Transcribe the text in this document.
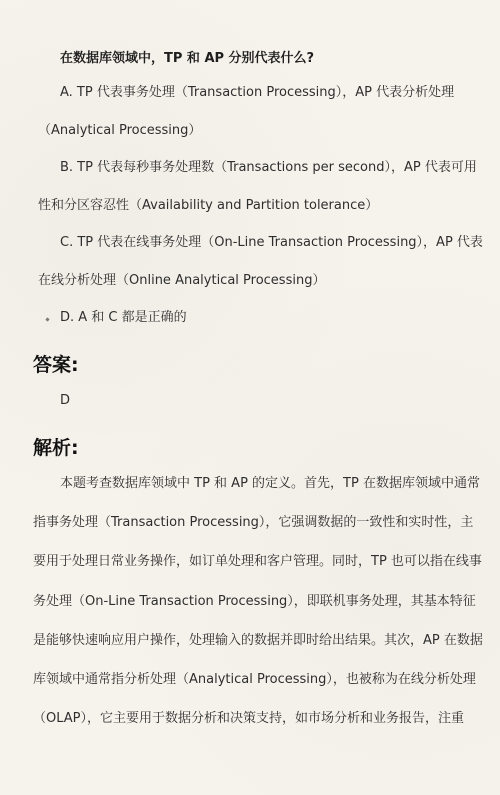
在数据库领域中，TP 和 AP 分别代表什么?
A. TP 代表事务处理（Transaction Processing），AP 代表分析处理
（Analytical Processing）
B. TP 代表每秒事务处理数（Transactions per second），AP 代表可用
性和分区容忍性（Availability and Partition tolerance）
C. TP 代表在线事务处理（On-Line Transaction Processing），AP 代表
在线分析处理（Online Analytical Processing）
D. A 和 C 都是正确的
答案:
D
解析:
本题考查数据库领域中 TP 和 AP 的定义。首先，TP 在数据库领域中通常
指事务处理（Transaction Processing），它强调数据的一致性和实时性，主
要用于处理日常业务操作，如订单处理和客户管理。同时，TP 也可以指在线事
务处理（On-Line Transaction Processing），即联机事务处理，其基本特征
是能够快速响应用户操作，处理输入的数据并即时给出结果。其次，AP 在数据
库领域中通常指分析处理（Analytical Processing），也被称为在线分析处理
（OLAP），它主要用于数据分析和决策支持，如市场分析和业务报告，注重
